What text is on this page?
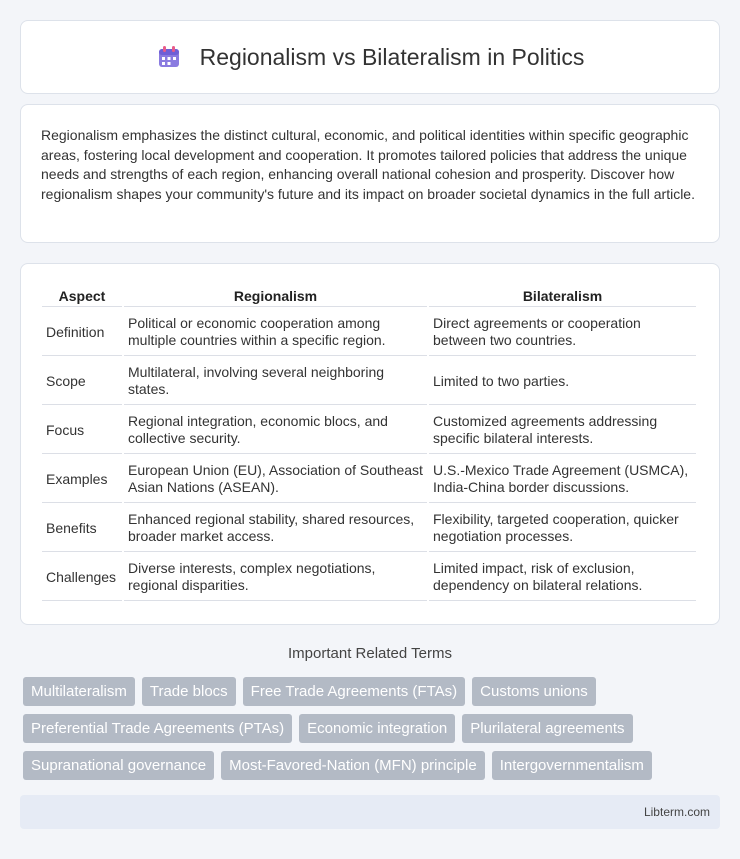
Regionalism vs Bilateralism in Politics

Regionalism emphasizes the distinct cultural, economic, and political identities within specific geographic areas, fostering local development and cooperation. It promotes tailored policies that address the unique needs and strengths of each region, enhancing overall national cohesion and prosperity. Discover how regionalism shapes your community's future and its impact on broader societal dynamics in the full article.

Aspect	Regionalism	Bilateralism
Definition	Political or economic cooperation among multiple countries within a specific region.	Direct agreements or cooperation between two countries.
Scope	Multilateral, involving several neighboring states.	Limited to two parties.
Focus	Regional integration, economic blocs, and collective security.	Customized agreements addressing specific bilateral interests.
Examples	European Union (EU), Association of Southeast Asian Nations (ASEAN).	U.S.-Mexico Trade Agreement (USMCA), India-China border discussions.
Benefits	Enhanced regional stability, shared resources, broader market access.	Flexibility, targeted cooperation, quicker negotiation processes.
Challenges	Diverse interests, complex negotiations, regional disparities.	Limited impact, risk of exclusion, dependency on bilateral relations.
Important Related Terms
Multilateralism	Trade blocs	Free Trade Agreements (FTAs)	Customs unions
Preferential Trade Agreements (PTAs)	Economic integration	Plurilateral agreements
Supranational governance	Most-Favored-Nation (MFN) principle	Intergovernmentalism
Libterm.com
